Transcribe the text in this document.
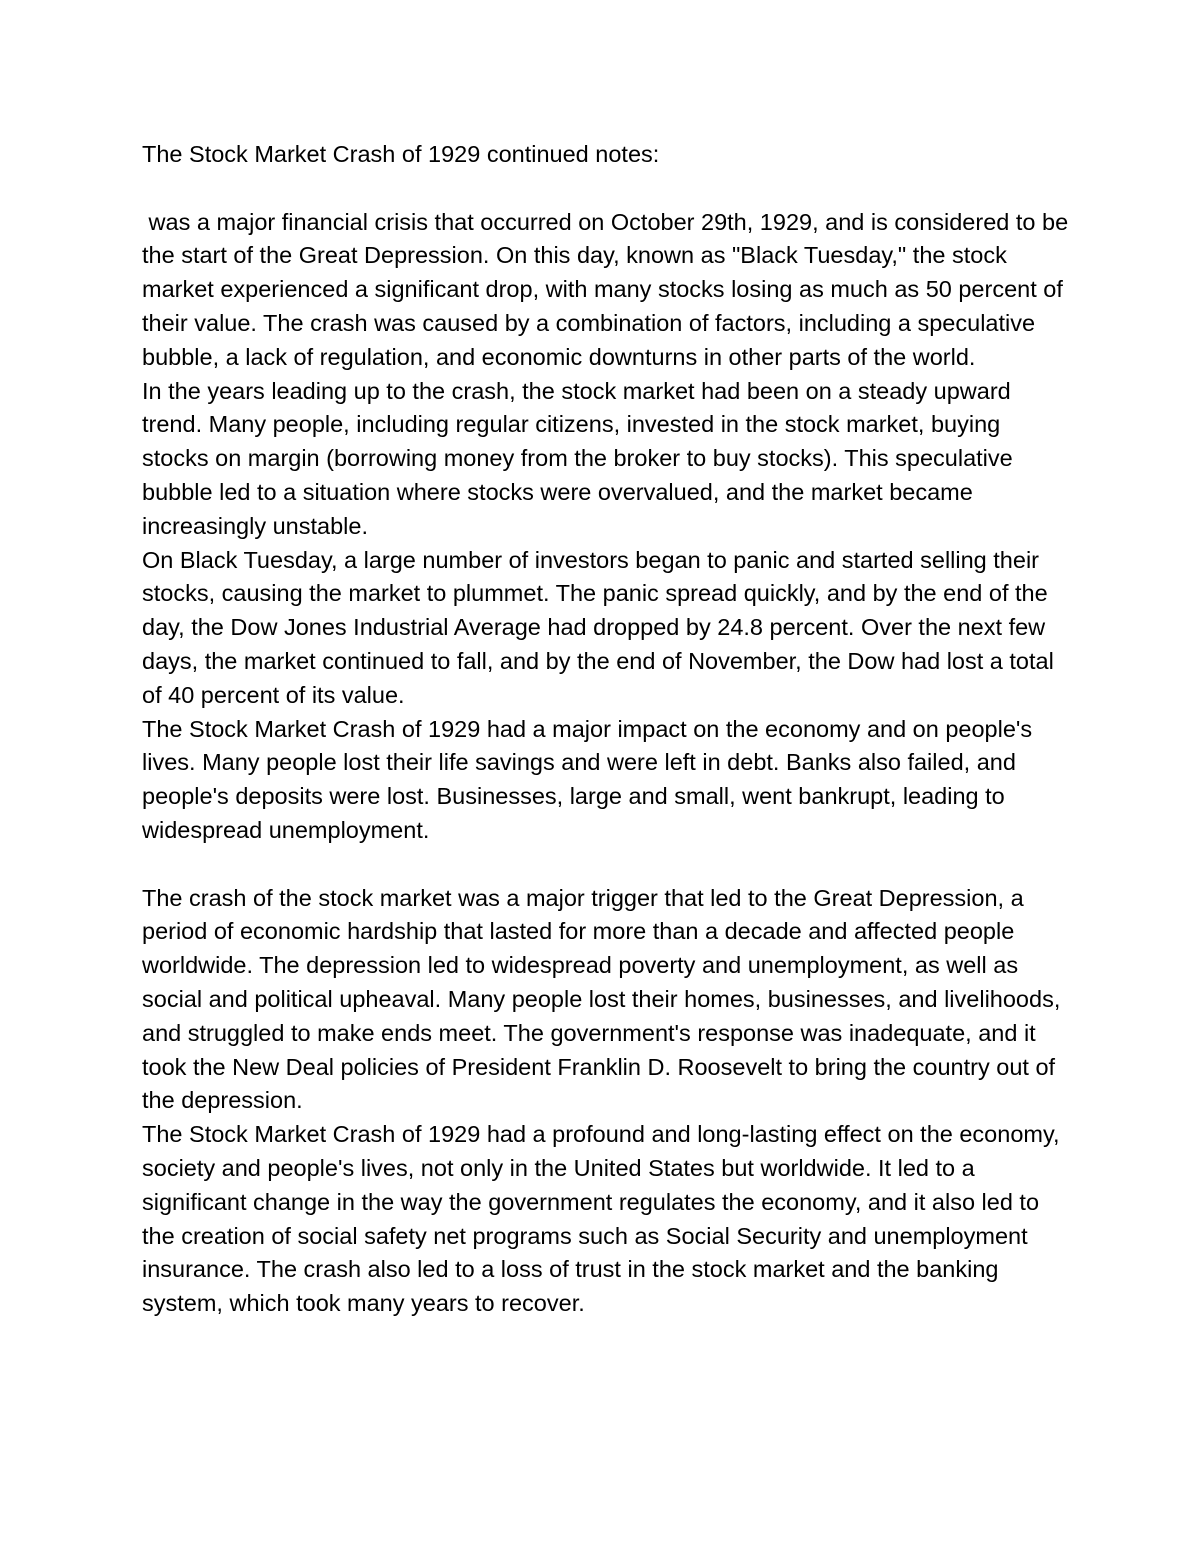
The Stock Market Crash of 1929 continued notes:

was a major financial crisis that occurred on October 29th, 1929, and is considered to be the start of the Great Depression. On this day, known as "Black Tuesday," the stock market experienced a significant drop, with many stocks losing as much as 50 percent of their value. The crash was caused by a combination of factors, including a speculative bubble, a lack of regulation, and economic downturns in other parts of the world.

In the years leading up to the crash, the stock market had been on a steady upward trend. Many people, including regular citizens, invested in the stock market, buying stocks on margin (borrowing money from the broker to buy stocks). This speculative bubble led to a situation where stocks were overvalued, and the market became increasingly unstable.

On Black Tuesday, a large number of investors began to panic and started selling their stocks, causing the market to plummet. The panic spread quickly, and by the end of the day, the Dow Jones Industrial Average had dropped by 24.8 percent. Over the next few days, the market continued to fall, and by the end of November, the Dow had lost a total of 40 percent of its value.

The Stock Market Crash of 1929 had a major impact on the economy and on people's lives. Many people lost their life savings and were left in debt. Banks also failed, and people's deposits were lost. Businesses, large and small, went bankrupt, leading to widespread unemployment.

The crash of the stock market was a major trigger that led to the Great Depression, a period of economic hardship that lasted for more than a decade and affected people worldwide. The depression led to widespread poverty and unemployment, as well as social and political upheaval. Many people lost their homes, businesses, and livelihoods, and struggled to make ends meet. The government's response was inadequate, and it took the New Deal policies of President Franklin D. Roosevelt to bring the country out of the depression.

The Stock Market Crash of 1929 had a profound and long-lasting effect on the economy, society and people's lives, not only in the United States but worldwide. It led to a significant change in the way the government regulates the economy, and it also led to the creation of social safety net programs such as Social Security and unemployment insurance. The crash also led to a loss of trust in the stock market and the banking system, which took many years to recover.
